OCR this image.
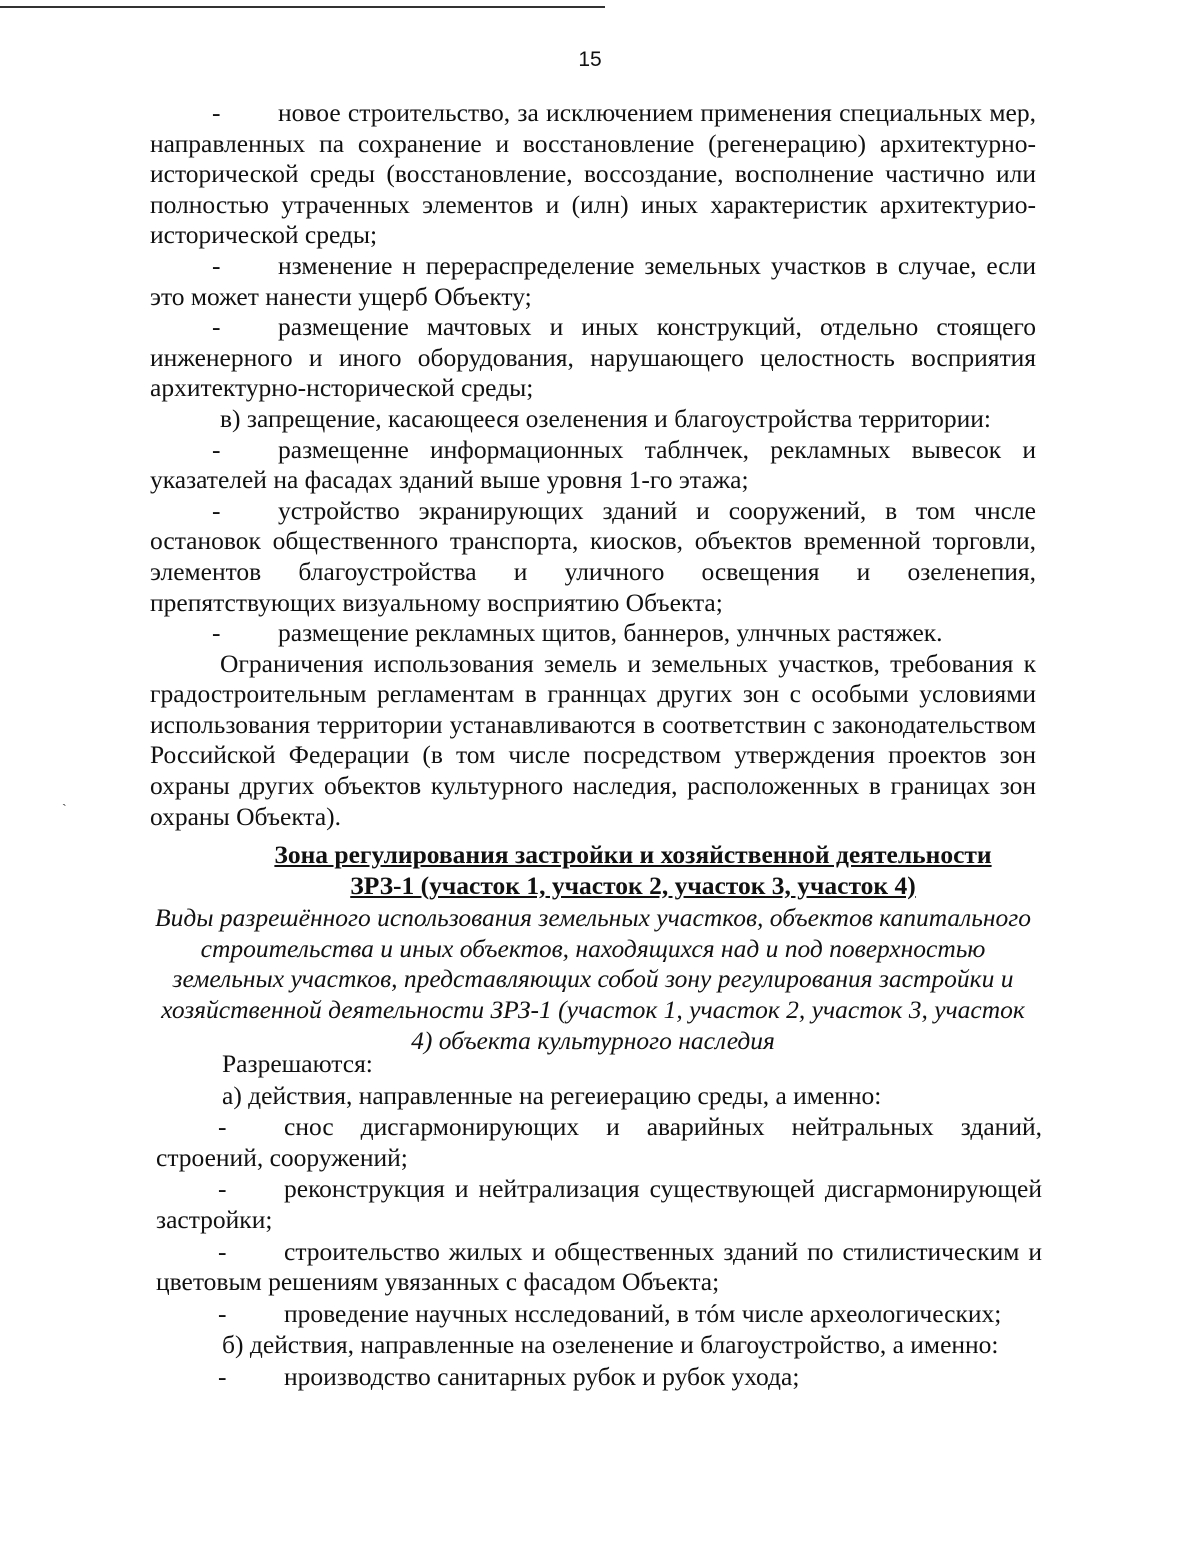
15

- новое строительство, за исключением применения специальных мер, направленных па сохранение и восстановление (регенерацию) архитектурно-исторической среды (восстановление, воссоздание, восполнение частично или полностью утраченных элементов и (илн) иных характеристик архитектурио-исторической среды;

- нзменение н перераспределение земельных участков в случае, если это может нанести ущерб Объекту;

- размещение мачтовых и иных конструкций, отдельно стоящего инженерного и иного оборудования, нарушающего целостность восприятия архитектурно-нсторической среды;

в) запрещение, касающееся озеленения и благоустройства территории:

- размещенне информационных таблнчек, рекламных вывесок и указателей на фасадах зданий выше уровня 1-го этажа;

- устройство экранирующих зданий и сооружений, в том чнсле остановок общественного транспорта, киосков, объектов временной торговли, элементов благоустройства и уличного освещения и озеленепия, препятствующих визуальному восприятию Объекта;

- размещение рекламных щитов, баннеров, улнчных растяжек.

Ограничения использования земель и земельных участков, требования к градостроительным регламентам в граннцах других зон с особыми условиями использования территории устанавливаются в соответствин с законодательством Российской Федерации (в том числе посредством утверждения проектов зон охраны других объектов культурного наследия, расположенных в границах зон охраны Объекта).

ˏ

Зона регулирования застройки и хозяйственной деятельности

ЗРЗ-1 (участок 1, участок 2, участок 3, участок 4)

Виды разрешённого использования земельных участков, объектов капитального строительства и иных объектов, находящихся над и под поверхностью земельных участков, представляющих собой зону регулирования застройки и хозяйственной деятельности ЗРЗ-1 (участок 1, участок 2, участок 3, участок 4) объекта культурного наследия

Разрешаются:

а) действия, направленные на регеиерацию среды, а именно:

- снос дисгармонирующих и аварийных нейтральных зданий, строений, сооружений;

- реконструкция и нейтрализация существующей дисгармонирующей застройки;

- строительство жилых и общественных зданий по стилистическим и цветовым решениям увязанных с фасадом Объекта;

- проведение научных нсследований, в тóм числе археологических;

б) действия, направленные на озеленение и благоустройство, а именно:

- нроизводство санитарных рубок и рубок ухода;
